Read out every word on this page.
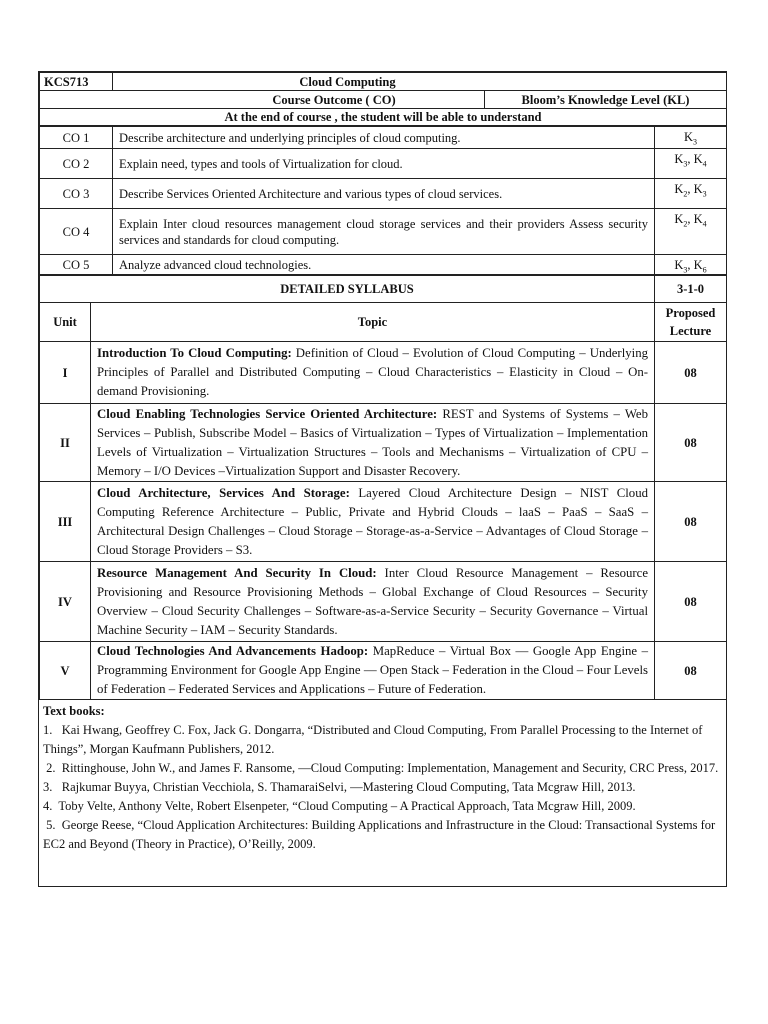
KCS713	Cloud Computing	
Course Outcome ( CO)		Bloom’s Knowledge Level (KL)
At the end of course , the student will be able to understand		
CO 1	Describe architecture and underlying principles of cloud computing.	$K_3$
CO 2	Explain need, types and tools of Virtualization for cloud.	$K_3$, $K_4$
CO 3	Describe Services Oriented Architecture and various types of cloud services.	$K_2$, $K_3$
CO 4	Explain Inter cloud resources management cloud storage services and their providers Assess security services and standards for cloud computing.	$K_2$, $K_4$
CO 5	Analyze advanced cloud technologies.	$K_3$, $K_6$
DETAILED SYLLABUS		3-1-0
Unit	Topic	Proposed Lecture
I	Introduction To Cloud Computing: Definition of Cloud – Evolution of Cloud Computing – Underlying Principles of Parallel and Distributed Computing – Cloud Characteristics – Elasticity in Cloud – On-demand Provisioning.	08
II	Cloud Enabling Technologies Service Oriented Architecture: REST and Systems of Systems – Web Services – Publish, Subscribe Model – Basics of Virtualization – Types of Virtualization – Implementation Levels of Virtualization – Virtualization Structures – Tools and Mechanisms – Virtualization of CPU – Memory – I/O Devices –Virtualization Support and Disaster Recovery.	08
III	Cloud Architecture, Services And Storage: Layered Cloud Architecture Design – NIST Cloud Computing Reference Architecture – Public, Private and Hybrid Clouds – laaS – PaaS – SaaS – Architectural Design Challenges – Cloud Storage – Storage-as-a-Service – Advantages of Cloud Storage – Cloud Storage Providers – S3.	08
IV	Resource Management And Security In Cloud: Inter Cloud Resource Management – Resource Provisioning and Resource Provisioning Methods – Global Exchange of Cloud Resources – Security Overview – Cloud Security Challenges – Software-as-a-Service Security – Security Governance – Virtual Machine Security – IAM – Security Standards.	08
V	Cloud Technologies And Advancements Hadoop: MapReduce – Virtual Box — Google App Engine – Programming Environment for Google App Engine — Open Stack – Federation in the Cloud – Four Levels of Federation – Federated Services and Applications – Future of Federation.	08

Text books:

1.   Kai Hwang, Geoffrey C. Fox, Jack G. Dongarra, “Distributed and Cloud Computing, From Parallel Processing to the Internet of Things”, Morgan Kaufmann Publishers, 2012.

2.  Rittinghouse, John W., and James F. Ransome, —Cloud Computing: Implementation, Management and Security, CRC Press, 2017.

3.   Rajkumar Buyya, Christian Vecchiola, S. ThamaraiSelvi, —Mastering Cloud Computing, Tata Mcgraw Hill, 2013.

4.  Toby Velte, Anthony Velte, Robert Elsenpeter, “Cloud Computing – A Practical Approach, Tata Mcgraw Hill, 2009.

5.  George Reese, “Cloud Application Architectures: Building Applications and Infrastructure in the Cloud: Transactional Systems for EC2 and Beyond (Theory in Practice), O’Reilly, 2009.
